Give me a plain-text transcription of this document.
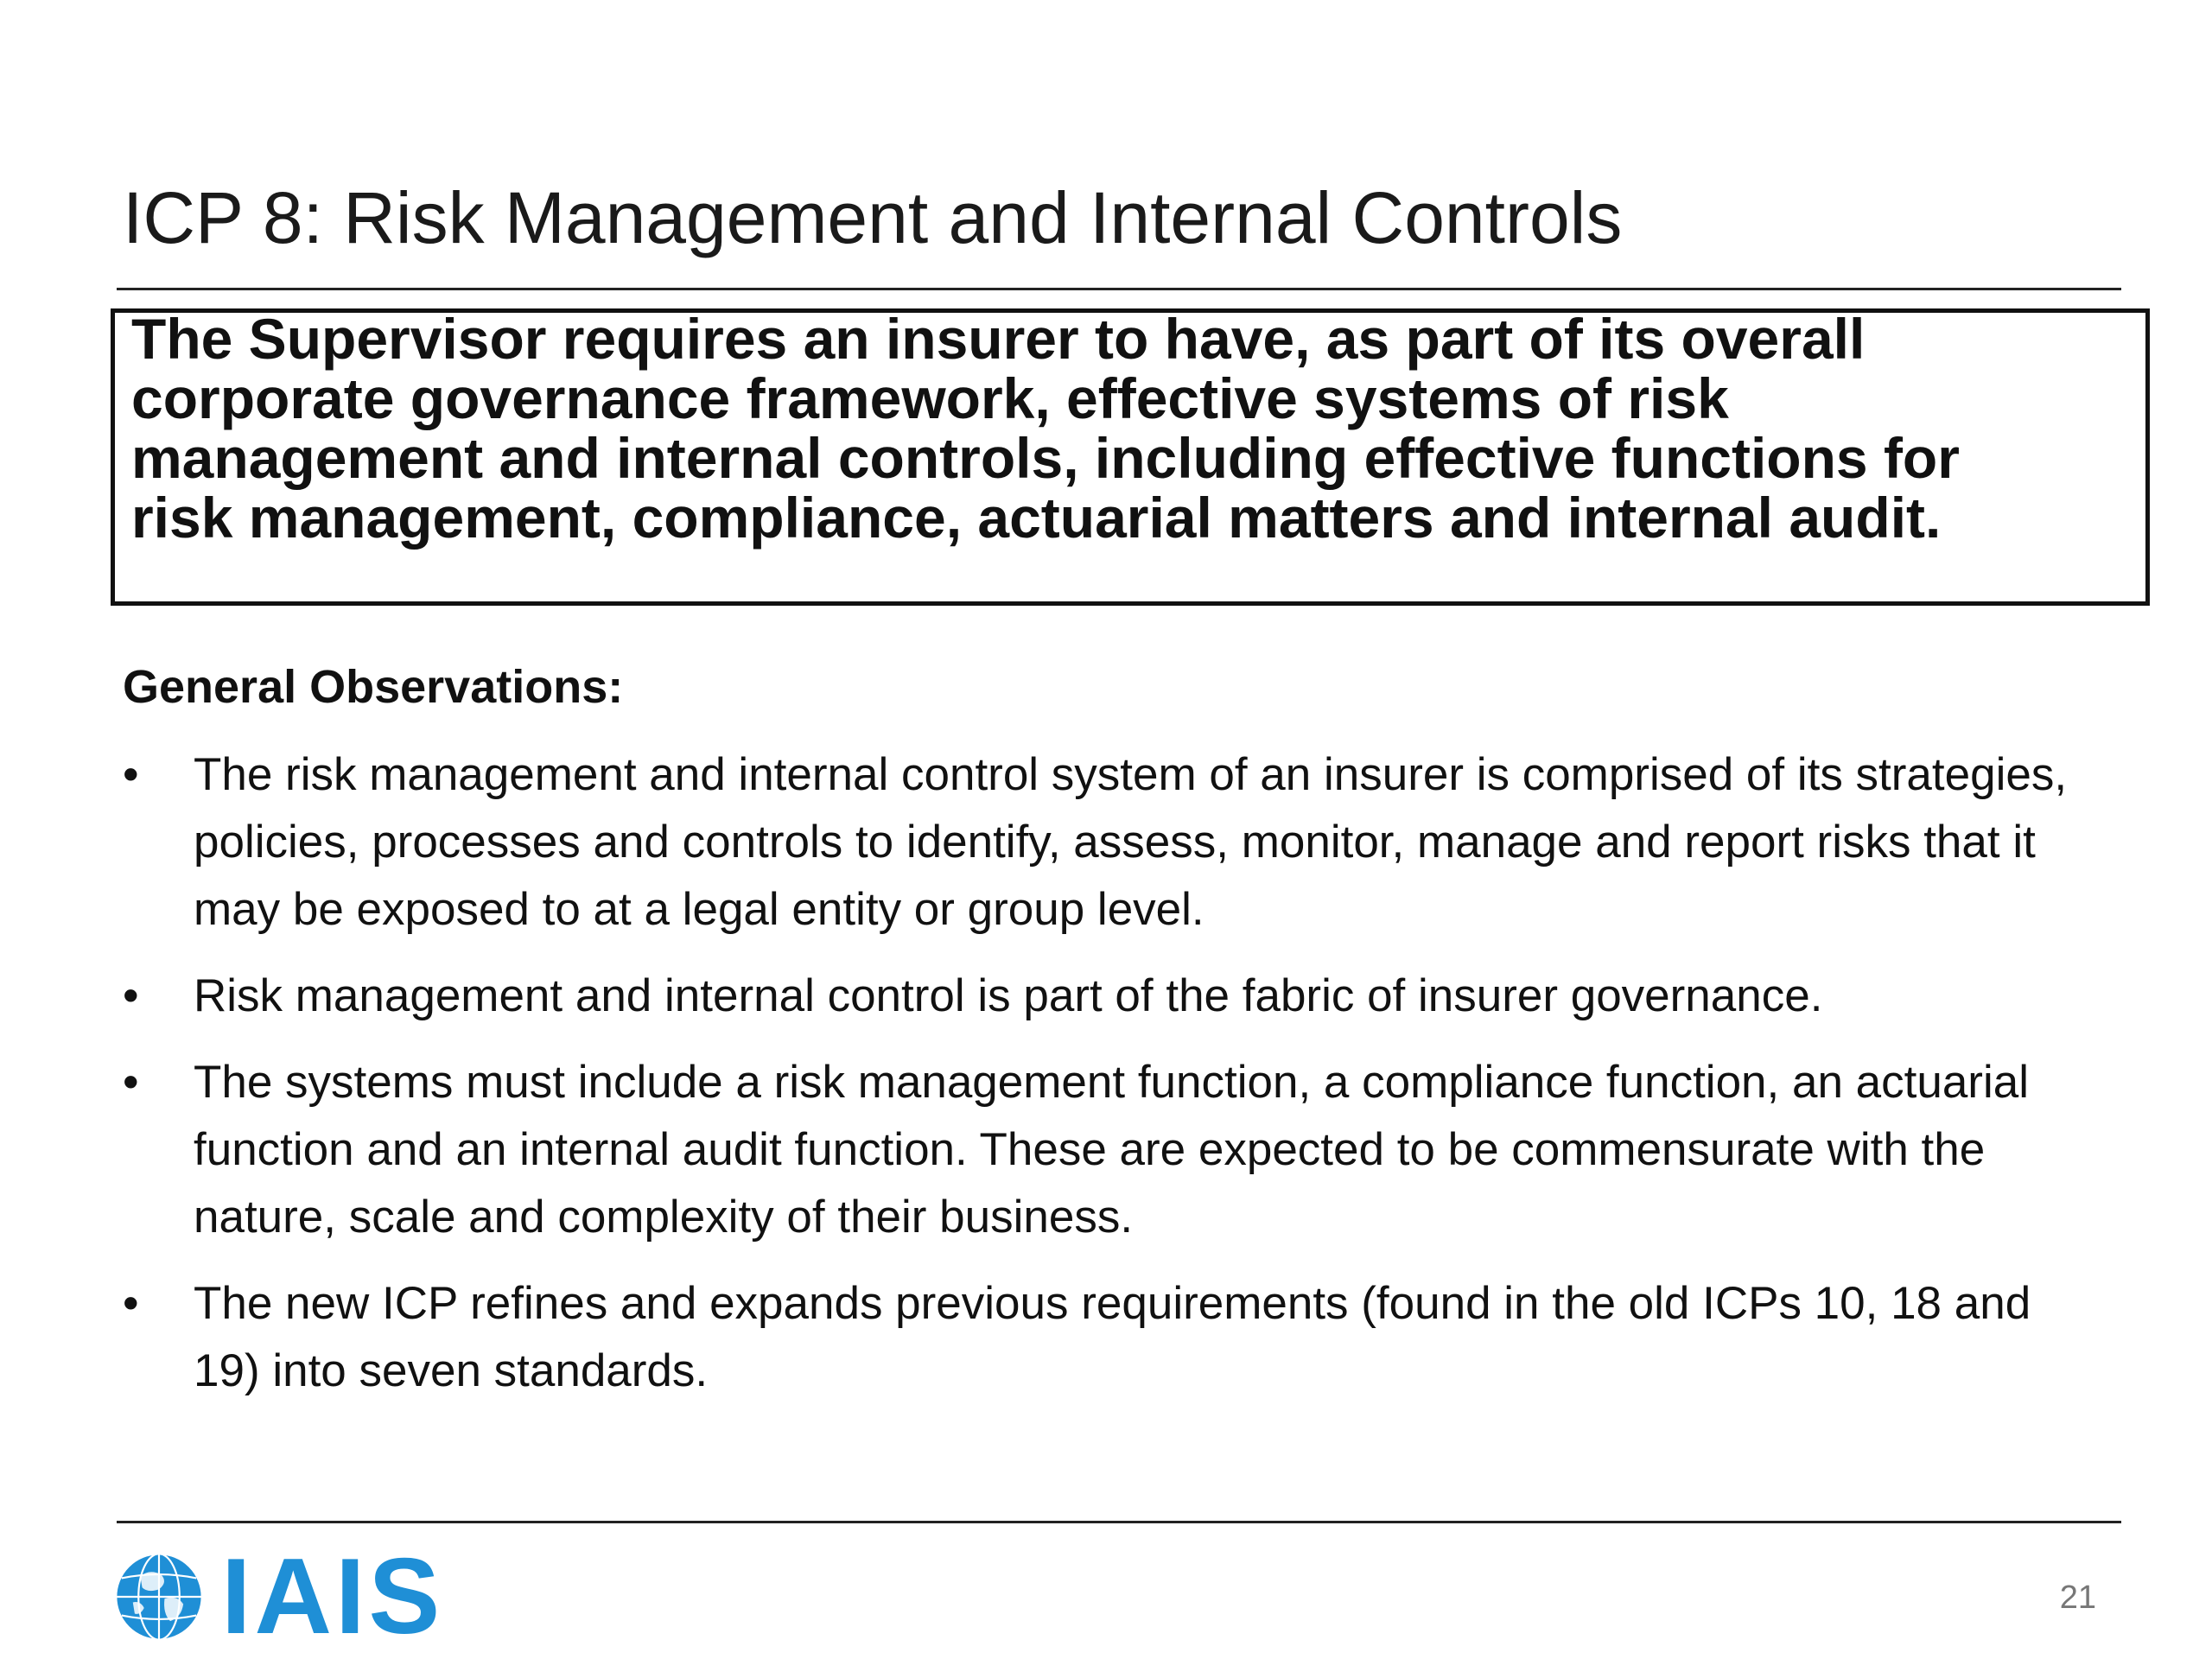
ICP 8: Risk Management and Internal Controls
The Supervisor requires an insurer to have, as part of its overall
corporate governance framework, effective systems of risk
management and internal controls, including effective functions for
risk management, compliance, actuarial matters and internal audit.
General Observations:
•	The risk management and internal control system of an insurer is comprised of its strategies, policies, processes and controls to identify, assess, monitor, manage and report risks that it may be exposed to at a legal entity or group level.
•	Risk management and internal control is part of the fabric of insurer governance.
•	The systems must include a risk management function, a compliance function, an actuarial function and an internal audit function. These are expected to be commensurate with the nature, scale and complexity of their business.
•	The new ICP refines and expands previous requirements (found in the old ICPs 10, 18 and 19) into seven standards.
IAIS	21
